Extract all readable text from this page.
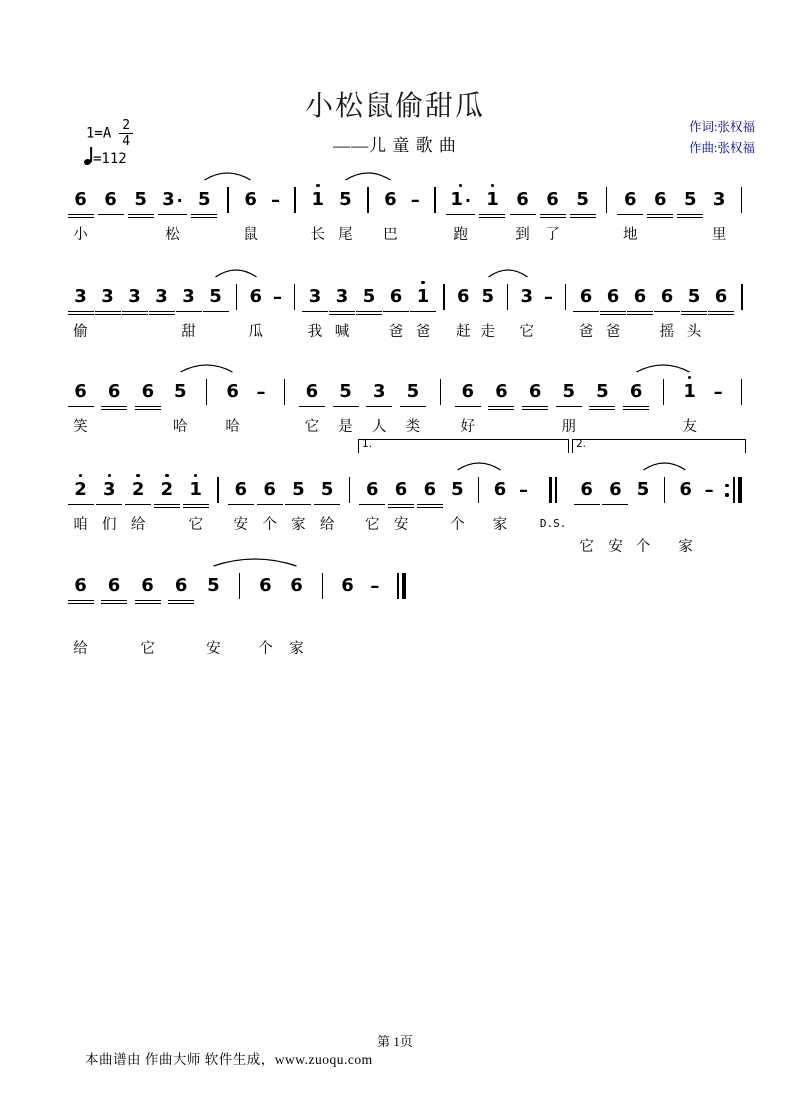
小松鼠偷甜瓜
——儿 童 歌 曲
作词:张权福
作曲:张权福
$1=A \frac{2}{4}$
=112
6
小
6
5
3 ·
松
5

6
鼠
–

1
长
5
尾

6
巴
–

1 ·
跑
1
6
到
6
了
5

6
地
6
5
3
里

3
偷
3
3
3
3
甜
5

6
瓜
–

3
我
3
喊
5
6
爸
1
爸

6
赶
5
走

3
它
–

6
爸
6
爸
6
6
摇
5
头
6

6
笑
6
6
5
哈

6
哈
–

6
它
5
是
3
人
5
类

6
好
6
6
5
朋
5
6

1
友
–

2
咱

3
们

2
给

2

1
它

6
安

6
个

5
家

5
给

6
它

6
安

6

5
个

6
家

–

D.S.

6

它
6

安
5

个

6

家
–

1.	2.
6
给
6
6
它
6
5
安

6
个
6
家

6
–

第 1页
本曲谱由 作曲大师 软件生成，www.zuoqu.com
